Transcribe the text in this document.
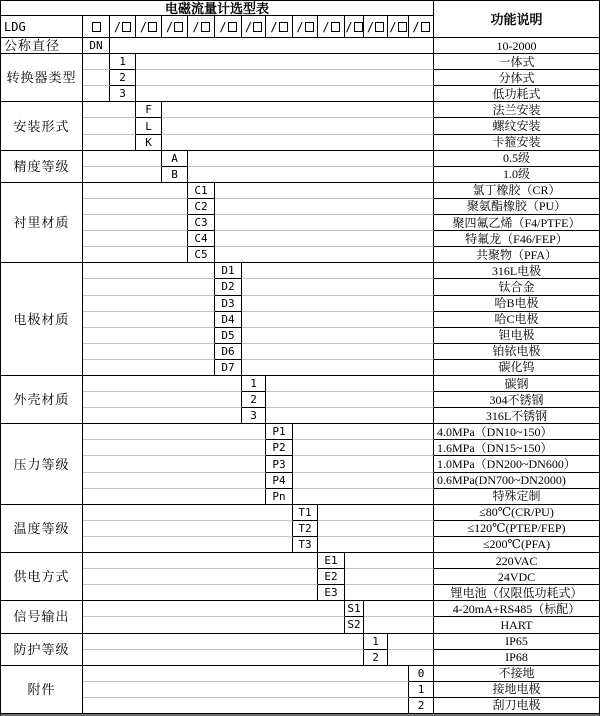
电磁流量计选型表
功能说明
LDG	/ / / / / / / / / / / / /
公称直径	DN	10-2000
转换器类型
1	一体式
2	分体式
3	低功耗式
安装形式
F	法兰安装
L	螺纹安装
K	卡箍安装
精度等级
A	0.5级
B	1.0级
衬里材质
C1	氯丁橡胶（CR）
C2	聚氨酯橡胶（PU）
C3	聚四氟乙烯（F4/PTFE）
C4	特氟龙（F46/FEP）
C5	共聚物（PFA）
电极材质
D1	316L电极
D2	钛合金
D3	哈B电极
D4	哈C电极
D5	钽电极
D6	铂铱电极
D7	碳化钨
外壳材质
1	碳钢
2	304不锈钢
3	316L不锈钢
压力等级
P1	4.0MPa（DN10~150）
P2	1.6MPa（DN15~150）
P3	1.0MPa（DN200~DN600）
P4	0.6MPa(DN700~DN2000)
Pn	特殊定制
温度等级
T1	≤80℃(CR/PU)
T2	≤120℃(PTEP/FEP)
T3	≤200℃(PFA)
供电方式
E1	220VAC
E2	24VDC
E3	锂电池（仅限低功耗式）
信号输出
S1	4-20mA+RS485（标配）
S2	HART
防护等级
1	IP65
2	IP68
附件
0	不接地
1	接地电极
2	刮刀电极
